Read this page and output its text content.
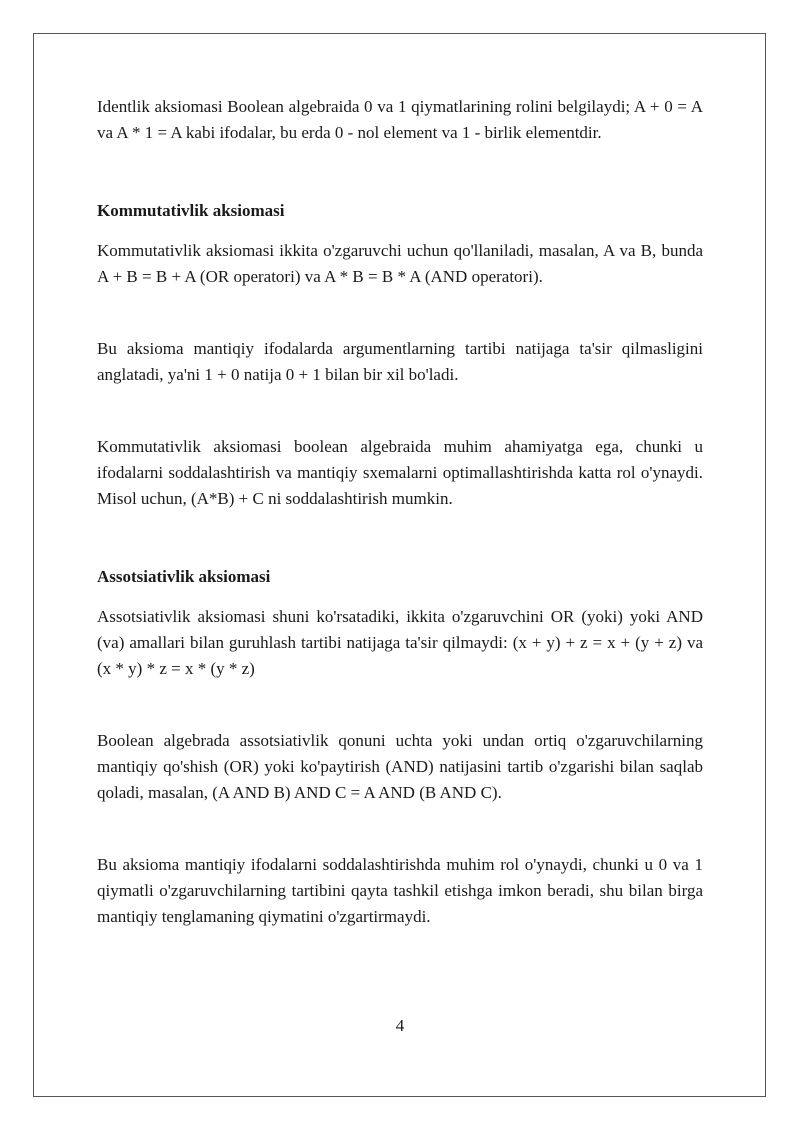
Identlik aksiomasi Boolean algebraida 0 va 1 qiymatlarining rolini belgilaydi; A + 0 = A va A * 1 = A kabi ifodalar, bu erda 0 - nol element va 1 - birlik elementdir.

Kommutativlik aksiomasi

Kommutativlik aksiomasi ikkita o'zgaruvchi uchun qo'llaniladi, masalan, A va B, bunda A + B = B + A (OR operatori) va A * B = B * A (AND operatori).

Bu aksioma mantiqiy ifodalarda argumentlarning tartibi natijaga ta'sir qilmasligini anglatadi, ya'ni 1 + 0 natija 0 + 1 bilan bir xil bo'ladi.

Kommutativlik aksiomasi boolean algebraida muhim ahamiyatga ega, chunki u ifodalarni soddalashtirish va mantiqiy sxemalarni optimallashtirishda katta rol o'ynaydi. Misol uchun, (A*B) + C ni soddalashtirish mumkin.

Assotsiativlik aksiomasi

Assotsiativlik aksiomasi shuni ko'rsatadiki, ikkita o'zgaruvchini OR (yoki) yoki AND (va) amallari bilan guruhlash tartibi natijaga ta'sir qilmaydi: (x + y) + z = x + (y + z) va (x * y) * z = x * (y * z)

Boolean algebrada assotsiativlik qonuni uchta yoki undan ortiq o'zgaruvchilarning mantiqiy qo'shish (OR) yoki ko'paytirish (AND) natijasini tartib o'zgarishi bilan saqlab qoladi, masalan, (A AND B) AND C = A AND (B AND C).

Bu aksioma mantiqiy ifodalarni soddalashtirishda muhim rol o'ynaydi, chunki u 0 va 1 qiymatli o'zgaruvchilarning tartibini qayta tashkil etishga imkon beradi, shu bilan birga mantiqiy tenglamaning qiymatini o'zgartirmaydi.

4
